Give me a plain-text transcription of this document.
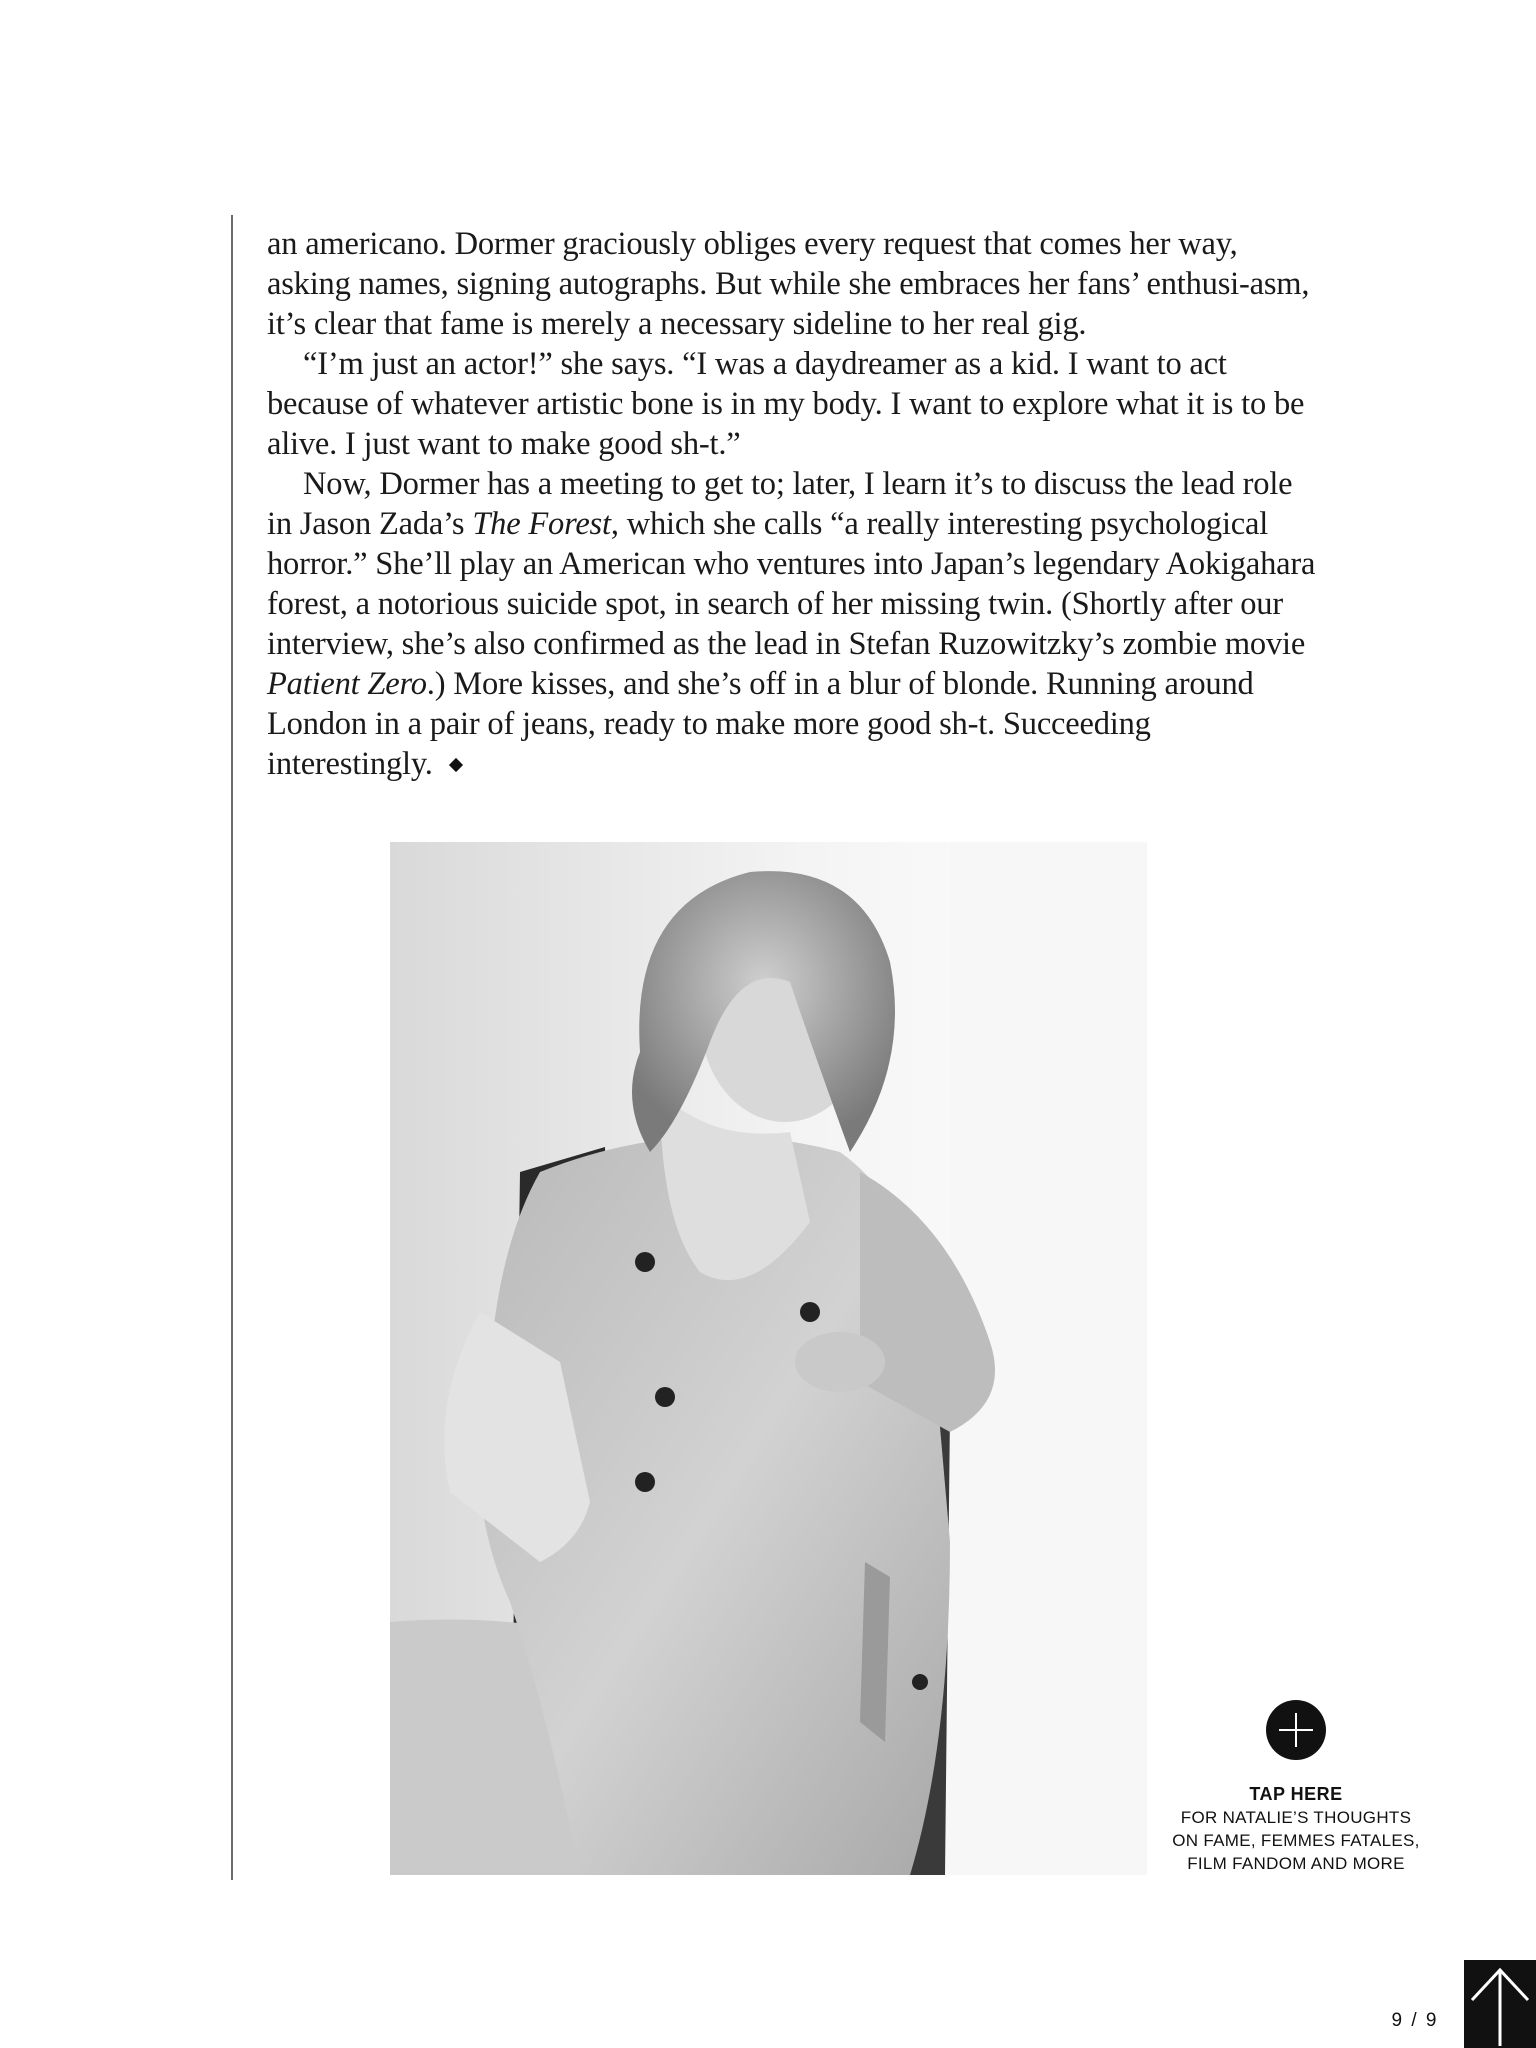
an americano. Dormer graciously obliges every request that comes her way, asking names, signing autographs. But while she embraces her fans’ enthusi-asm, it’s clear that fame is merely a necessary sideline to her real gig.

“I’m just an actor!” she says. “I was a daydreamer as a kid. I want to act because of whatever artistic bone is in my body. I want to explore what it is to be alive. I just want to make good sh-t.”

Now, Dormer has a meeting to get to; later, I learn it’s to discuss the lead role in Jason Zada’s The Forest, which she calls “a really interesting psychological horror.” She’ll play an American who ventures into Japan’s legendary Aokigahara forest, a notorious suicide spot, in search of her missing twin. (Shortly after our interview, she’s also confirmed as the lead in Stefan Ruzowitzky’s zombie movie Patient Zero.) More kisses, and she’s off in a blur of blonde. Running around London in a pair of jeans, ready to make more good sh-t. Succeeding interestingly.

TAP HERE
FOR NATALIE’S THOUGHTS
ON FAME, FEMMES FATALES,
FILM FANDOM AND MORE
9 / 9
